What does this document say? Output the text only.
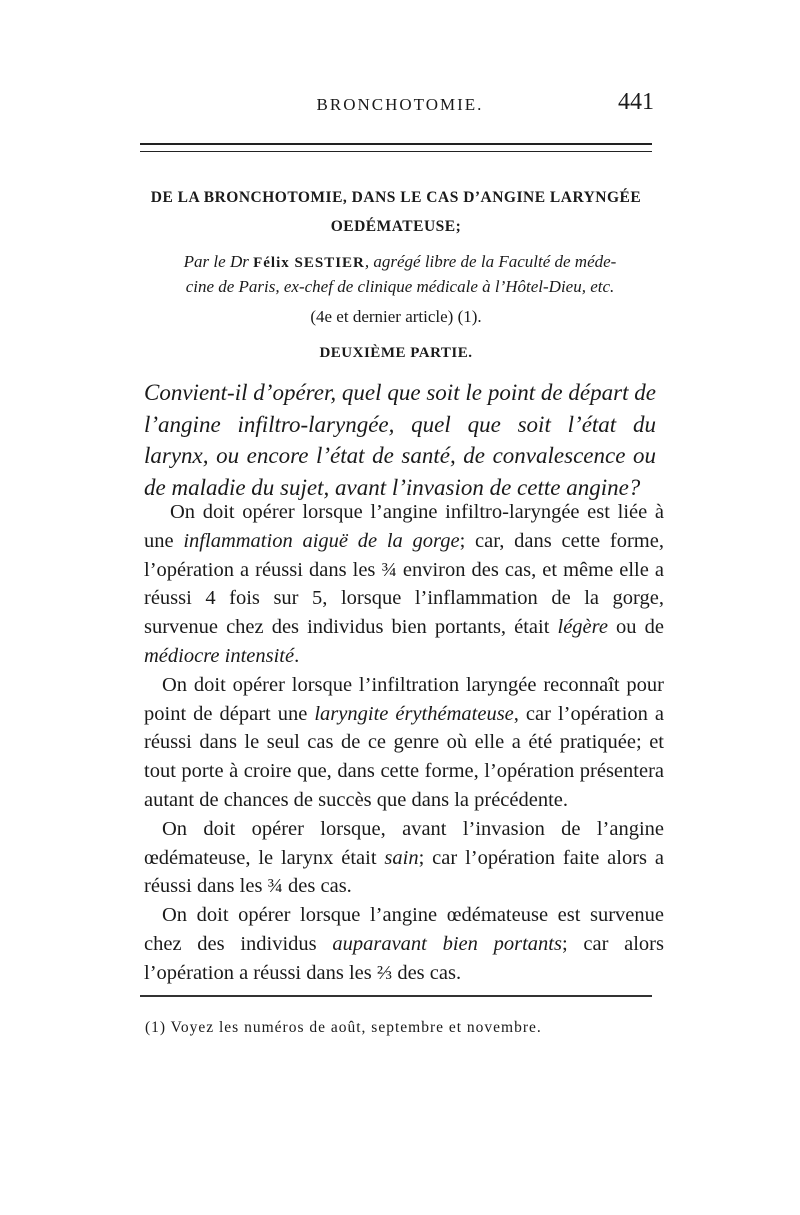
BRONCHOTOMIE.	441
DE LA BRONCHOTOMIE, DANS LE CAS D’ANGINE LARYNGÉE
OEDÉMATEUSE;
Par le Dr Félix SESTIER, agrégé libre de la Faculté de méde-
cine de Paris, ex-chef de clinique médicale à l’Hôtel-Dieu, etc.
(4e et dernier article) (1).
DEUXIÈME PARTIE.
Convient-il d’opérer, quel que soit le point de départ de l’angine infiltro-laryngée, quel que soit l’état du larynx, ou encore l’état de santé, de convalescence ou de maladie du sujet, avant l’invasion de cette angine?

On doit opérer lorsque l’angine infiltro-laryngée est liée à une inflammation aiguë de la gorge; car, dans cette forme, l’opération a réussi dans les ¾ environ des cas, et même elle a réussi 4 fois sur 5, lorsque l’inflammation de la gorge, survenue chez des individus bien portants, était légère ou de médiocre intensité.

On doit opérer lorsque l’infiltration laryngée reconnaît pour point de départ une laryngite érythémateuse, car l’opération a réussi dans le seul cas de ce genre où elle a été pratiquée; et tout porte à croire que, dans cette forme, l’opération présentera autant de chances de succès que dans la précédente.

On doit opérer lorsque, avant l’invasion de l’angine œdémateuse, le larynx était sain; car l’opération faite alors a réussi dans les ¾ des cas.

On doit opérer lorsque l’angine œdémateuse est survenue chez des individus auparavant bien portants; car alors l’opération a réussi dans les ⅔ des cas.

(1) Voyez les numéros de août, septembre et novembre.
